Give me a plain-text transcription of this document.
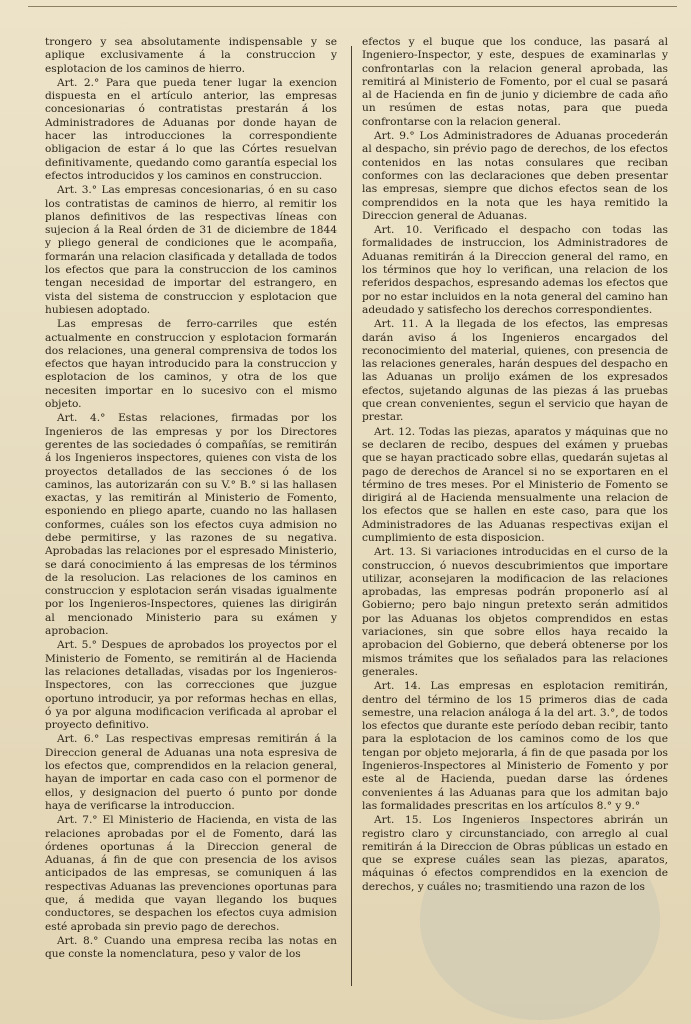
trongero y sea absolutamente indispensable y se aplique exclusivamente á la construccion y esplotacion de los caminos de hierro.

Art. 2.° Para que pueda tener lugar la exencion dispuesta en el artículo anterior, las empresas concesionarias ó contratistas prestarán á los Administradores de Aduanas por donde hayan de hacer las introducciones la correspondiente obligacion de estar á lo que las Córtes resuelvan definitivamente, quedando como garantía especial los efectos introducidos y los caminos en construccion.

Art. 3.° Las empresas concesionarias, ó en su caso los contratistas de caminos de hierro, al remitir los planos definitivos de las respectivas líneas con sujecion á la Real órden de 31 de diciembre de 1844 y pliego general de condiciones que le acompaña, formarán una relacion clasificada y detallada de todos los efectos que para la construccion de los caminos tengan necesidad de importar del estrangero, en vista del sistema de construccion y esplotacion que hubiesen adoptado.

Las empresas de ferro-carriles que estén actualmente en construccion y esplotacion formarán dos relaciones, una general comprensiva de todos los efectos que hayan introducido para la construccion y esplotacion de los caminos, y otra de los que necesiten importar en lo sucesivo con el mismo objeto.

Art. 4.° Estas relaciones, firmadas por los Ingenieros de las empresas y por los Directores gerentes de las sociedades ó compañías, se remitirán á los Ingenieros inspectores, quienes con vista de los proyectos detallados de las secciones ó de los caminos, las autorizarán con su V.° B.° si las hallasen exactas, y las remitirán al Ministerio de Fomento, esponiendo en pliego aparte, cuando no las hallasen conformes, cuáles son los efectos cuya admision no debe permitirse, y las razones de su negativa. Aprobadas las relaciones por el espresado Ministerio, se dará conocimiento á las empresas de los términos de la resolucion. Las relaciones de los caminos en construccion y esplotacion serán visadas igualmente por los Ingenieros-Inspectores, quienes las dirigirán al mencionado Ministerio para su exámen y aprobacion.

Art. 5.° Despues de aprobados los proyectos por el Ministerio de Fomento, se remitirán al de Hacienda las relaciones detalladas, visadas por los Ingenieros-Inspectores, con las correcciones que juzgue oportuno introducir, ya por reformas hechas en ellas, ó ya por alguna modificacion verificada al aprobar el proyecto definitivo.

Art. 6.° Las respectivas empresas remitirán á la Direccion general de Aduanas una nota espresiva de los efectos que, comprendidos en la relacion general, hayan de importar en cada caso con el pormenor de ellos, y designacion del puerto ó punto por donde haya de verificarse la introduccion.

Art. 7.° El Ministerio de Hacienda, en vista de las relaciones aprobadas por el de Fomento, dará las órdenes oportunas á la Direccion general de Aduanas, á fin de que con presencia de los avisos anticipados de las empresas, se comuniquen á las respectivas Aduanas las prevenciones oportunas para que, á medida que vayan llegando los buques conductores, se despachen los efectos cuya admision esté aprobada sin previo pago de derechos.

Art. 8.° Cuando una empresa reciba las notas en que conste la nomenclatura, peso y valor de los

efectos y el buque que los conduce, las pasará al Ingeniero-Inspector, y este, despues de examinarlas y confrontarlas con la relacion general aprobada, las remitirá al Ministerio de Fomento, por el cual se pasará al de Hacienda en fin de junio y diciembre de cada año un resúmen de estas notas, para que pueda confrontarse con la relacion general.

Art. 9.° Los Administradores de Aduanas procederán al despacho, sin prévio pago de derechos, de los efectos contenidos en las notas consulares que reciban conformes con las declaraciones que deben presentar las empresas, siempre que dichos efectos sean de los comprendidos en la nota que les haya remitido la Direccion general de Aduanas.

Art. 10. Verificado el despacho con todas las formalidades de instruccion, los Administradores de Aduanas remitirán á la Direccion general del ramo, en los términos que hoy lo verifican, una relacion de los referidos despachos, espresando ademas los efectos que por no estar incluidos en la nota general del camino han adeudado y satisfecho los derechos correspondientes.

Art. 11. A la llegada de los efectos, las empresas darán aviso á los Ingenieros encargados del reconocimiento del material, quienes, con presencia de las relaciones generales, harán despues del despacho en las Aduanas un prolijo exámen de los expresados efectos, sujetando algunas de las piezas á las pruebas que crean convenientes, segun el servicio que hayan de prestar.

Art. 12. Todas las piezas, aparatos y máquinas que no se declaren de recibo, despues del exámen y pruebas que se hayan practicado sobre ellas, quedarán sujetas al pago de derechos de Arancel si no se exportaren en el término de tres meses. Por el Ministerio de Fomento se dirigirá al de Hacienda mensualmente una relacion de los efectos que se hallen en este caso, para que los Administradores de las Aduanas respectivas exijan el cumplimiento de esta disposicion.

Art. 13. Si variaciones introducidas en el curso de la construccion, ó nuevos descubrimientos que importare utilizar, aconsejaren la modificacion de las relaciones aprobadas, las empresas podrán proponerlo así al Gobierno; pero bajo ningun pretexto serán admitidos por las Aduanas los objetos comprendidos en estas variaciones, sin que sobre ellos haya recaido la aprobacion del Gobierno, que deberá obtenerse por los mismos trámites que los señalados para las relaciones generales.

Art. 14. Las empresas en esplotacion remitirán, dentro del término de los 15 primeros dias de cada semestre, una relacion análoga á la del art. 3.°, de todos los efectos que durante este período deban recibir, tanto para la esplotacion de los caminos como de los que tengan por objeto mejorarla, á fin de que pasada por los Ingenieros-Inspectores al Ministerio de Fomento y por este al de Hacienda, puedan darse las órdenes convenientes á las Aduanas para que los admitan bajo las formalidades prescritas en los artículos 8.° y 9.°

Art. 15. Los Ingenieros Inspectores abrirán un registro claro y circunstanciado, con arreglo al cual remitirán á la Direccion de Obras públicas un estado en que se exprese cuáles sean las piezas, aparatos, máquinas ó efectos comprendidos en la exencion de derechos, y cuáles no; trasmitiendo una razon de los
